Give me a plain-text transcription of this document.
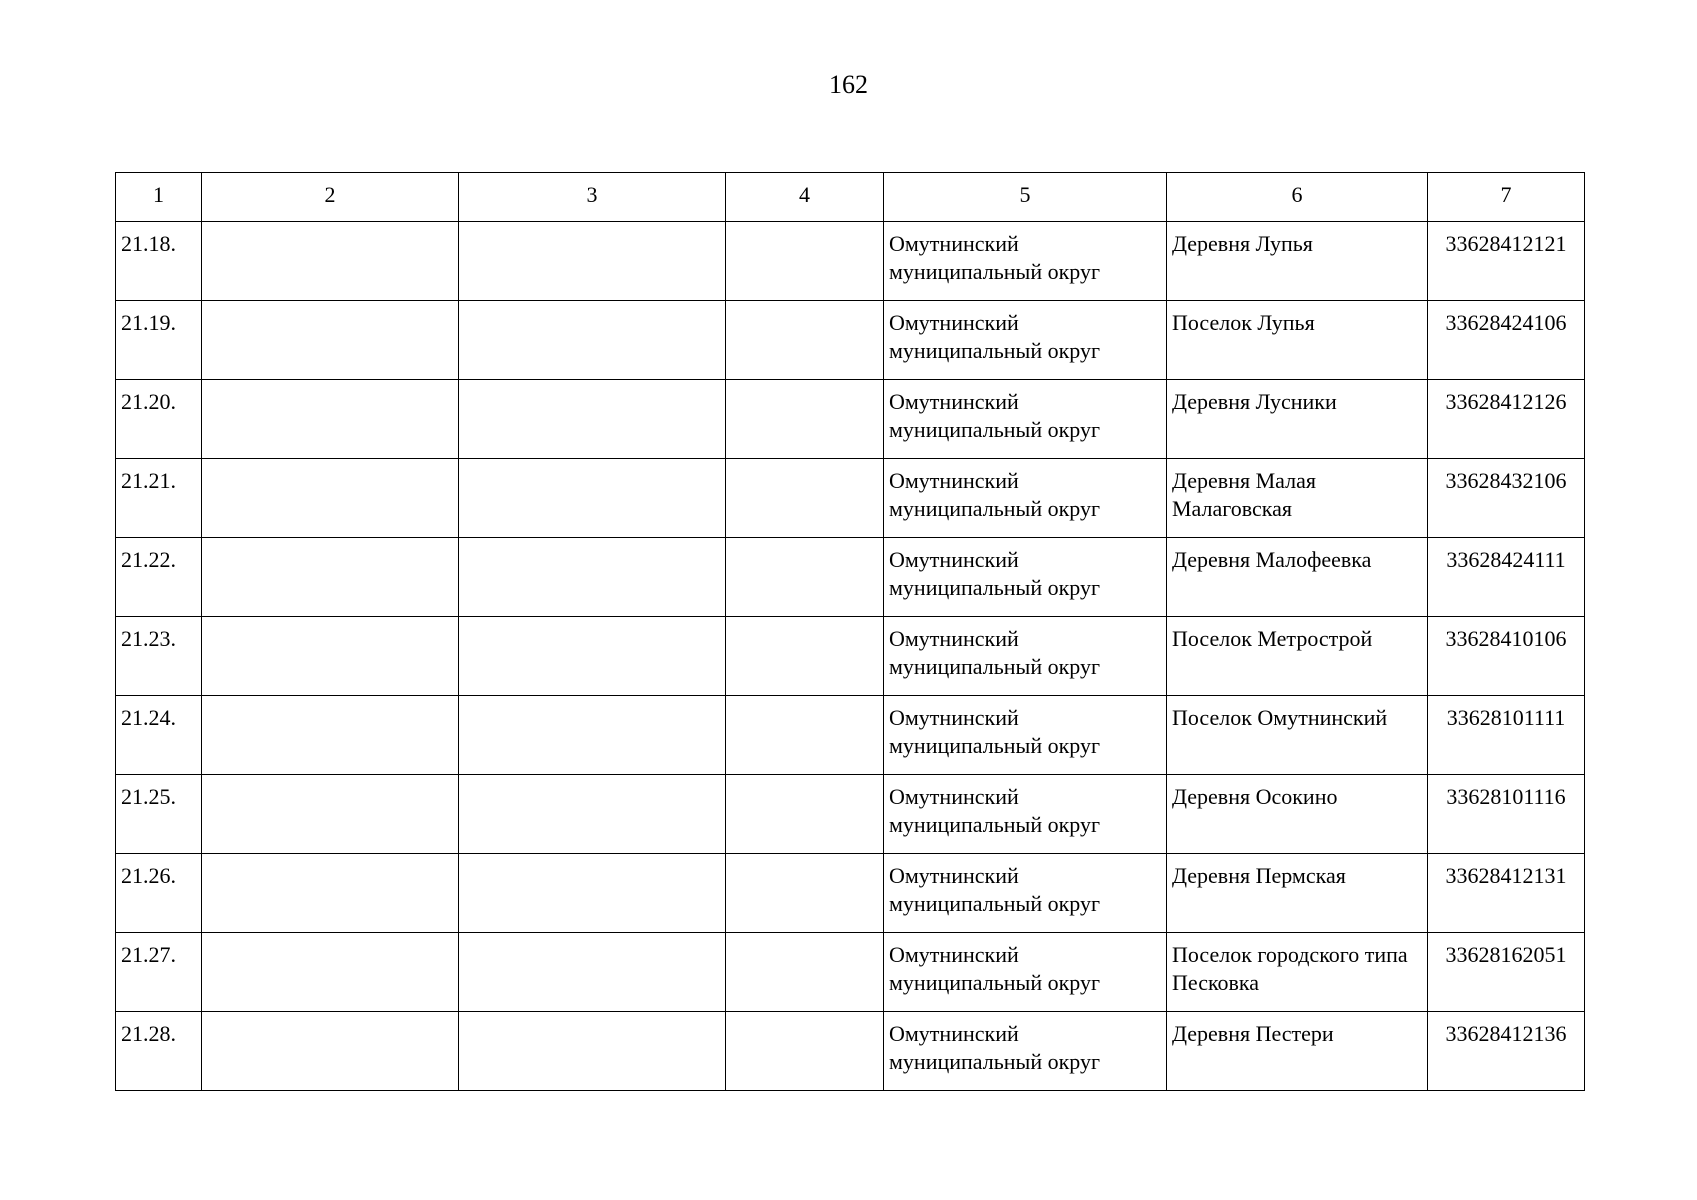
162
1	2	3	4	5	6	7
21.18.				Омутнинский муниципальный округ	Деревня Лупья	33628412121
21.19.				Омутнинский муниципальный округ	Поселок Лупья	33628424106
21.20.				Омутнинский муниципальный округ	Деревня Лусники	33628412126
21.21.				Омутнинский муниципальный округ	Деревня Малая Малаговская	33628432106
21.22.				Омутнинский муниципальный округ	Деревня Малофеевка	33628424111
21.23.				Омутнинский муниципальный округ	Поселок Метрострой	33628410106
21.24.				Омутнинский муниципальный округ	Поселок Омутнинский	33628101111
21.25.				Омутнинский муниципальный округ	Деревня Осокино	33628101116
21.26.				Омутнинский муниципальный округ	Деревня Пермская	33628412131
21.27.				Омутнинский муниципальный округ	Поселок городского типа Песковка	33628162051
21.28.				Омутнинский муниципальный округ	Деревня Пестери	33628412136
